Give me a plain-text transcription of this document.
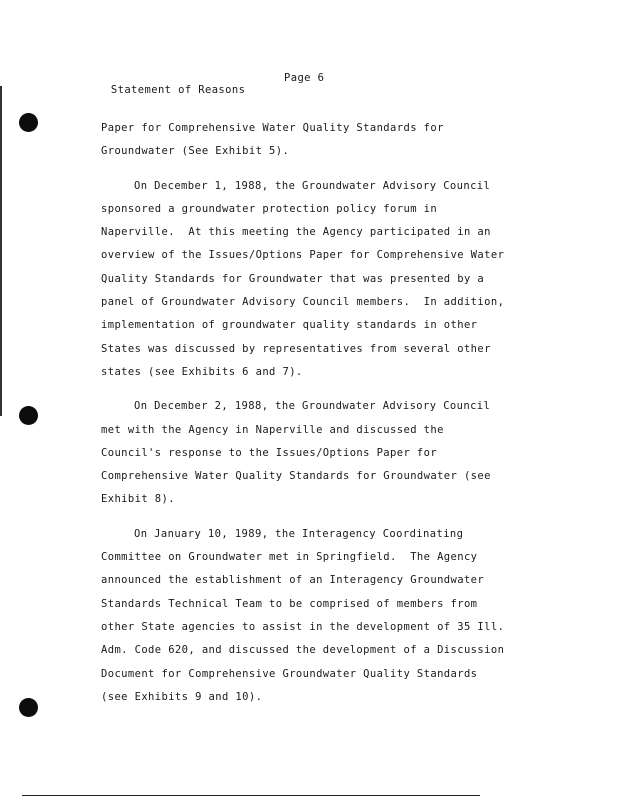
Statement of Reasons

Page 6

Paper for Comprehensive Water Quality Standards for
Groundwater (See Exhibit 5).
On December 1, 1988, the Groundwater Advisory Council
sponsored a groundwater protection policy forum in
Naperville.  At this meeting the Agency participated in an
overview of the Issues/Options Paper for Comprehensive Water
Quality Standards for Groundwater that was presented by a
panel of Groundwater Advisory Council members.  In addition,
implementation of groundwater quality standards in other
States was discussed by representatives from several other
states (see Exhibits 6 and 7).
On December 2, 1988, the Groundwater Advisory Council
met with the Agency in Naperville and discussed the
Council's response to the Issues/Options Paper for
Comprehensive Water Quality Standards for Groundwater (see
Exhibit 8).
On January 10, 1989, the Interagency Coordinating
Committee on Groundwater met in Springfield.  The Agency
announced the establishment of an Interagency Groundwater
Standards Technical Team to be comprised of members from
other State agencies to assist in the development of 35 Ill.
Adm. Code 620, and discussed the development of a Discussion
Document for Comprehensive Groundwater Quality Standards
(see Exhibits 9 and 10).
